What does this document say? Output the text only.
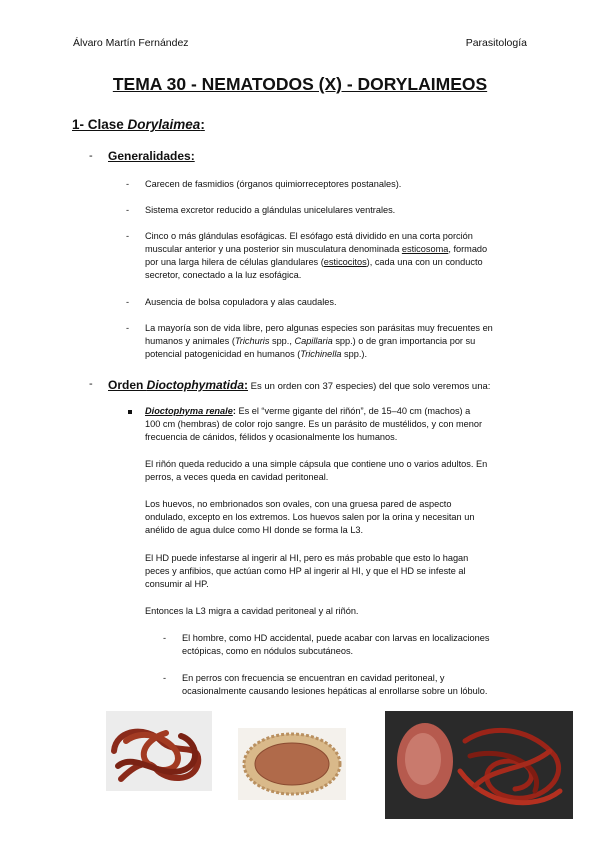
Álvaro Martín Fernández	Parasitología
TEMA 30 - NEMATODOS (X) - DORYLAIMEOS
1- Clase Dorylaimea:
- Generalidades:
- Carecen de fasmidios (órganos quimiorreceptores postanales).
- Sistema excretor reducido a glándulas unicelulares ventrales.
- Cinco o más glándulas esofágicas. El esófago está dividido en una corta porción
muscular anterior y una posterior sin musculatura denominada esticosoma, formado
por una larga hilera de células glandulares (esticocitos), cada una con un conducto
secretor, conectado a la luz esofágica.
- Ausencia de bolsa copuladora y alas caudales.
- La mayoría son de vida libre, pero algunas especies son parásitas muy frecuentes en
humanos y animales (Trichuris spp., Capillaria spp.) o de gran importancia por su
potencial patogenicidad en humanos (Trichinella spp.).
- Orden Dioctophymatida: Es un orden con 37 especies) del que solo veremos una:
Dioctophyma renale: Es el “verme gigante del riñón”, de 15–40 cm (machos) a
100 cm (hembras) de color rojo sangre. Es un parásito de mustélidos, y con menor
frecuencia de cánidos, félidos y ocasionalmente los humanos.
El riñón queda reducido a una simple cápsula que contiene uno o varios adultos. En
perros, a veces queda en cavidad peritoneal.
Los huevos, no embrionados son ovales, con una gruesa pared de aspecto
ondulado, excepto en los extremos. Los huevos salen por la orina y necesitan un
anélido de agua dulce como HI donde se forma la L3.
El HD puede infestarse al ingerir al HI, pero es más probable que esto lo hagan
peces y anfibios, que actúan como HP al ingerir al HI, y que el HD se infeste al
consumir al HP.
Entonces la L3 migra a cavidad peritoneal y al riñón.
- El hombre, como HD accidental, puede acabar con larvas en localizaciones
ectópicas, como en nódulos subcutáneos.
- En perros con frecuencia se encuentran en cavidad peritoneal, y
ocasionalmente causando lesiones hepáticas al enrollarse sobre un lóbulo.
